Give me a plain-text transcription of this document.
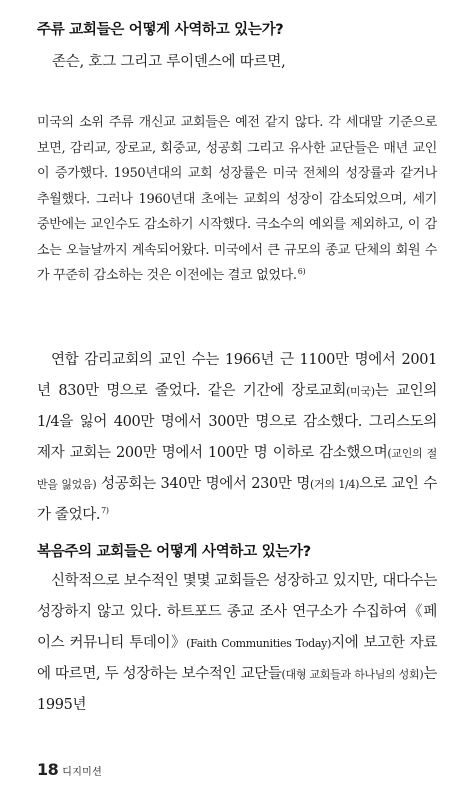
주류 교회들은 어떻게 사역하고 있는가?
존슨, 호그 그리고 루이덴스에 따르면,
미국의 소위 주류 개신교 교회들은 예전 같지 않다. 각 세대말 기준으로 보면, 감리교, 장로교, 회중교, 성공회 그리고 유사한 교단들은 매년 교인이 증가했다. 1950년대의 교회 성장률은 미국 전체의 성장률과 같거나 추월했다. 그러나 1960년대 초에는 교회의 성장이 감소되었으며, 세기 중반에는 교인수도 감소하기 시작했다. 극소수의 예외를 제외하고, 이 감소는 오늘날까지 계속되어왔다. 미국에서 큰 규모의 종교 단체의 회원 수가 꾸준히 감소하는 것은 이전에는 결코 없었다.$^{6)}$
연합 감리교회의 교인 수는 1966년 근 1100만 명에서 2001년 830만 명으로 줄었다. 같은 기간에 장로교회(미국)는 교인의 1/4을 잃어 400만 명에서 300만 명으로 감소했다. 그리스도의 제자 교회는 200만 명에서 100만 명 이하로 감소했으며(교인의 절반을 잃었음) 성공회는 340만 명에서 230만 명(거의 1/4)으로 교인 수가 줄었다.$^{7)}$
복음주의 교회들은 어떻게 사역하고 있는가?
신학적으로 보수적인 몇몇 교회들은 성장하고 있지만, 대다수는 성장하지 않고 있다. 하트포드 종교 조사 연구소가 수집하여《페이스 커뮤니티 투데이》(Faith Communities Today)지에 보고한 자료에 따르면, 두 성장하는 보수적인 교단들(대형 교회들과 하나님의 성회)는 1995년
18 디지미션
